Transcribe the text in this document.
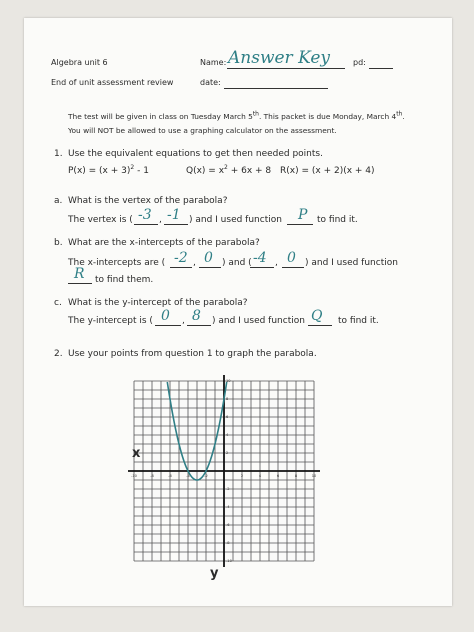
Algebra unit 6
End of unit assessment review
Name: Answer Key	pd:
date:
The test will be given in class on Tuesday March 5th. This packet is due Monday, March 4th.
You will NOT be allowed to use a graphing calculator on the assessment.
1. Use the equivalent equations to get then needed points.
$P(x) = (x + 3)^2 - 1$	$Q(x) = x^2 + 6x + 8$ R(x) = (x + 2)(x + 4)
a. What is the vertex of the parabola?
The vertex is ( -3 , -1 ) and I used function P to find it.
b. What are the x-intercepts of the parabola?
The x-intercepts are ( -2 , 0 ) and ( -4 , 0 ) and I used function
R to find them.
c. What is the y-intercept of the parabola?
The y-intercept is ( 0 , 8 ) and I used function Q to find it.
2. Use your points from question 1 to graph the parabola.
-10	-8	-6	-4	-2	2	4	6	8	10
10
8
6
4
2
-2
-4
-6
-8
-10
x
y
